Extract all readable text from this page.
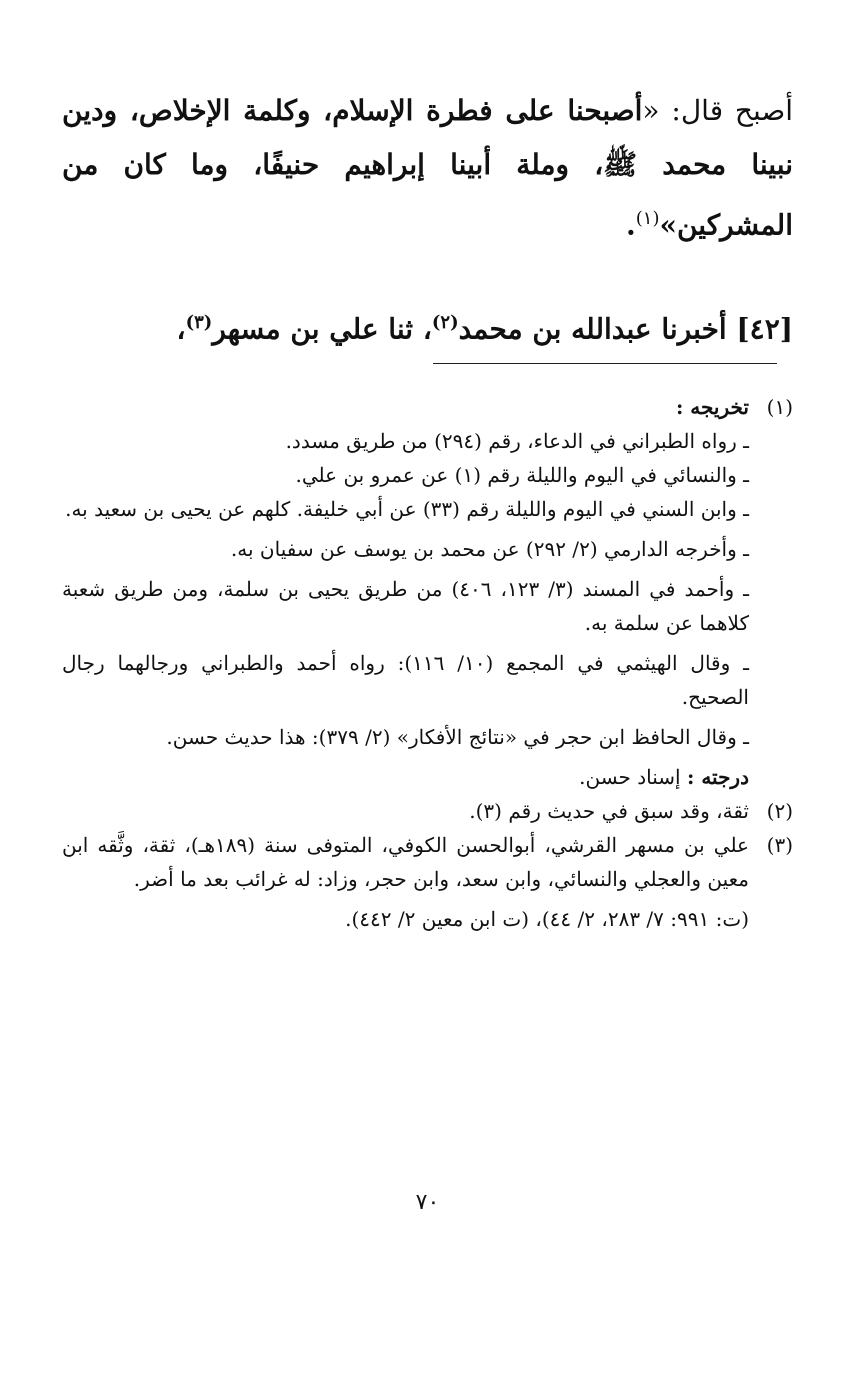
أصبح قال: «أصبحنا على فطرة الإسلام، وكلمة الإخلاص، ودين نبينا محمد ﷺ، وملة أبينا إبراهيم حنيفًا، وما كان من المشركين»$^{(١)}$.
[٤٢] أخبرنا عبدالله بن محمد$^{(٢)}$، ثنا علي بن مسهر$^{(٣)}$،
(١)
تخريجه :
ـ رواه الطبراني في الدعاء، رقم (٢٩٤) من طريق مسدد.
ـ والنسائي في اليوم والليلة رقم (١) عن عمرو بن علي.
ـ وابن السني في اليوم والليلة رقم (٣٣) عن أبي خليفة. كلهم عن يحيى بن سعيد به.
ـ وأخرجه الدارمي (٢/ ٢٩٢) عن محمد بن يوسف عن سفيان به.
ـ وأحمد في المسند (٣/ ١٢٣، ٤٠٦) من طريق يحيى بن سلمة، ومن طريق شعبة كلاهما عن سلمة به.
ـ وقال الهيثمي في المجمع (١٠/ ١١٦): رواه أحمد والطبراني ورجالهما رجال الصحيح.
ـ وقال الحافظ ابن حجر في «نتائج الأفكار» (٢/ ٣٧٩): هذا حديث حسن.
درجته : إسناد حسن.
(٢)
ثقة، وقد سبق في حديث رقم (٣).
(٣)
علي بن مسهر القرشي، أبوالحسن الكوفي، المتوفى سنة (١٨٩هـ)، ثقة، وثَّقه ابن معين والعجلي والنسائي، وابن سعد، وابن حجر، وزاد: له غرائب بعد ما أضر.
(ت: ٩٩١: ٧/ ٢٨٣، ٢/ ٤٤)، (ت ابن معين ٢/ ٤٤٢).
٧٠
